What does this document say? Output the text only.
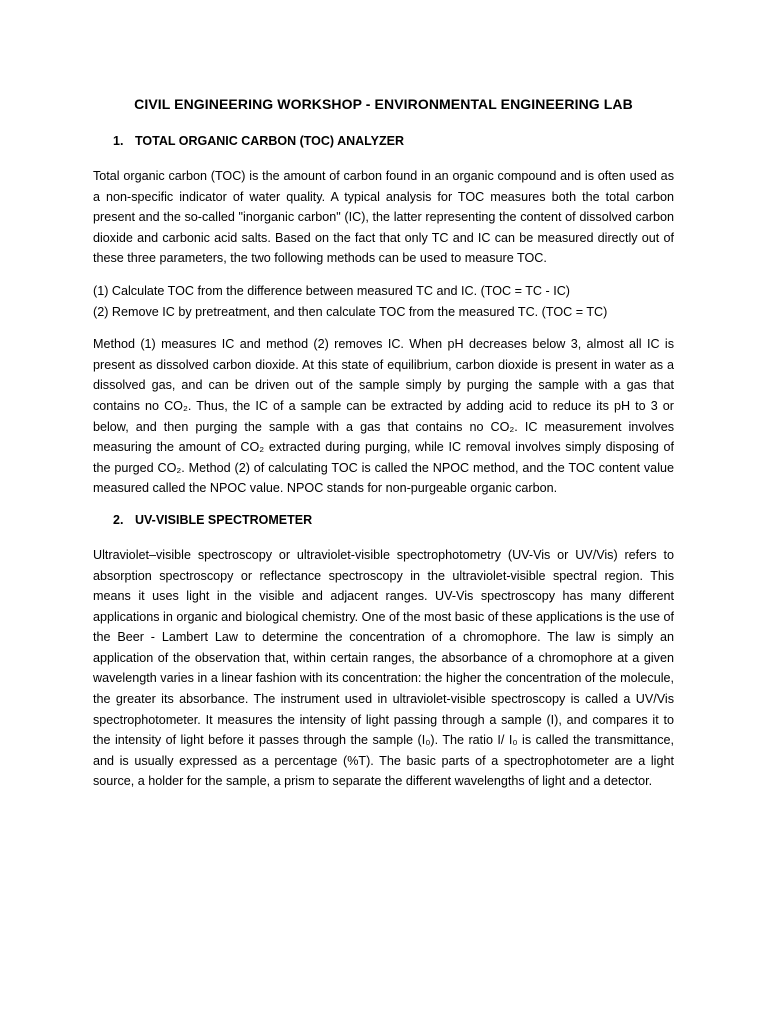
CIVIL ENGINEERING WORKSHOP - ENVIRONMENTAL ENGINEERING LAB
1. TOTAL ORGANIC CARBON (TOC) ANALYZER

Total organic carbon (TOC) is the amount of carbon found in an organic compound and is often used as a non-specific indicator of water quality. A typical analysis for TOC measures both the total carbon present and the so-called "inorganic carbon" (IC), the latter representing the content of dissolved carbon dioxide and carbonic acid salts. Based on the fact that only TC and IC can be measured directly out of these three parameters, the two following methods can be used to measure TOC.

(1) Calculate TOC from the difference between measured TC and IC. (TOC = TC - IC)

(2) Remove IC by pretreatment, and then calculate TOC from the measured TC. (TOC = TC)

Method (1) measures IC and method (2) removes IC. When pH decreases below 3, almost all IC is present as dissolved carbon dioxide. At this state of equilibrium, carbon dioxide is present in water as a dissolved gas, and can be driven out of the sample simply by purging the sample with a gas that contains no CO₂. Thus, the IC of a sample can be extracted by adding acid to reduce its pH to 3 or below, and then purging the sample with a gas that contains no CO₂. IC measurement involves measuring the amount of CO₂ extracted during purging, while IC removal involves simply disposing of the purged CO₂. Method (2) of calculating TOC is called the NPOC method, and the TOC content value measured called the NPOC value. NPOC stands for non-purgeable organic carbon.

2. UV-VISIBLE SPECTROMETER

Ultraviolet–visible spectroscopy or ultraviolet-visible spectrophotometry (UV-Vis or UV/Vis) refers to absorption spectroscopy or reflectance spectroscopy in the ultraviolet-visible spectral region. This means it uses light in the visible and adjacent ranges. UV-Vis spectroscopy has many different applications in organic and biological chemistry. One of the most basic of these applications is the use of the Beer - Lambert Law to determine the concentration of a chromophore. The law is simply an application of the observation that, within certain ranges, the absorbance of a chromophore at a given wavelength varies in a linear fashion with its concentration: the higher the concentration of the molecule, the greater its absorbance. The instrument used in ultraviolet-visible spectroscopy is called a UV/Vis spectrophotometer. It measures the intensity of light passing through a sample (I), and compares it to the intensity of light before it passes through the sample (I₀). The ratio I/ I₀ is called the transmittance, and is usually expressed as a percentage (%T). The basic parts of a spectrophotometer are a light source, a holder for the sample, a prism to separate the different wavelengths of light and a detector.
